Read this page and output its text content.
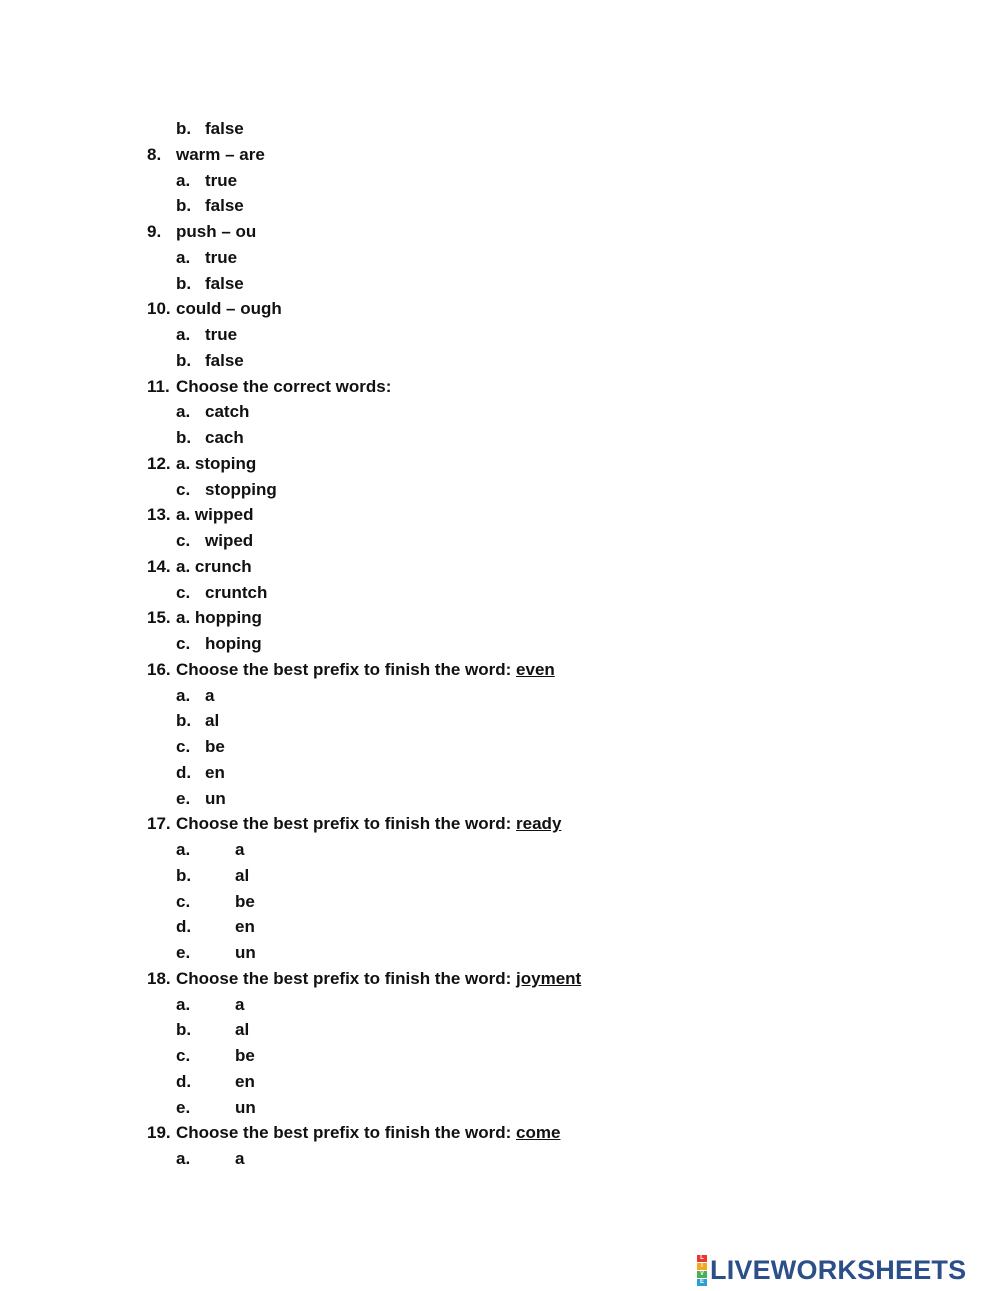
b. false
8. warm – are
a. true
b. false
9. push – ou
a. true
b. false
10. could – ough
a. true
b. false
11. Choose the correct words:
a. catch
b. cach
12. a. stoping
c. stopping
13. a. wipped
c. wiped
14. a. crunch
c. cruntch
15. a. hopping
c. hoping
16. Choose the best prefix to finish the word: even
a. a
b. al
c. be
d. en
e. un
17. Choose the best prefix to finish the word: ready
a.	a
b.	al
c.	be
d.	en
e.	un
18. Choose the best prefix to finish the word: joyment
a.	a
b.	al
c.	be
d.	en
e.	un
19. Choose the best prefix to finish the word: come
a.	a
L
I
V
E LIVEWORKSHEETS
